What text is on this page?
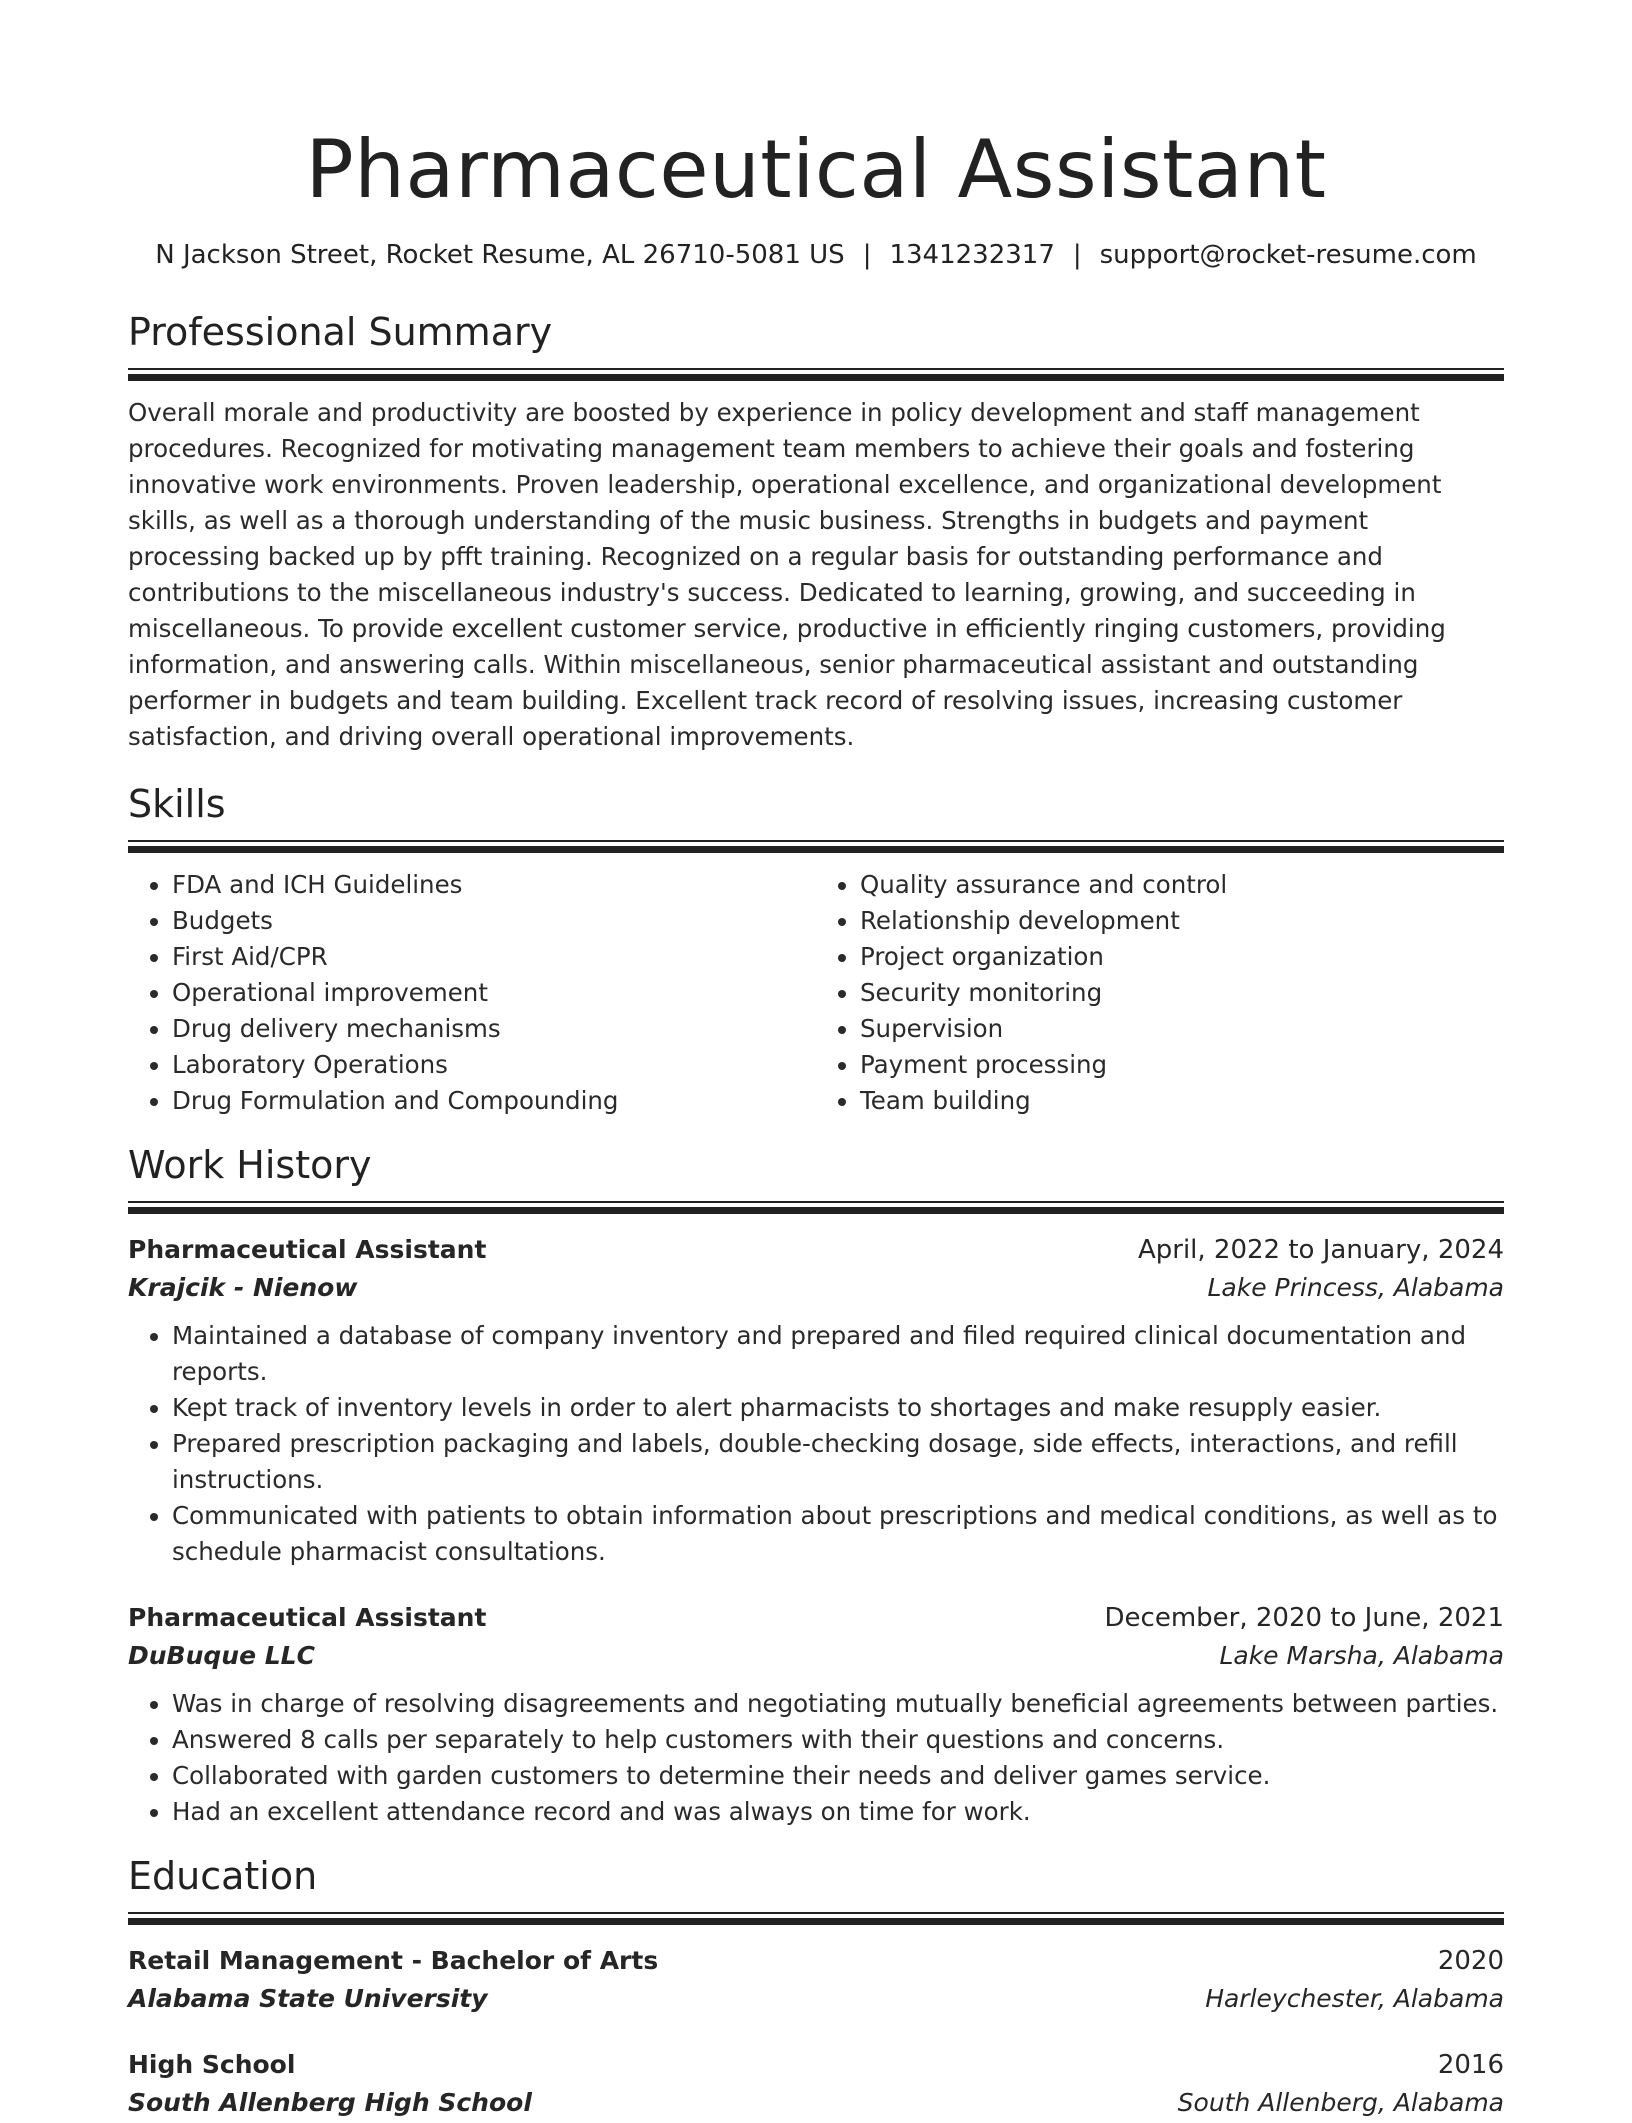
Pharmaceutical Assistant
N Jackson Street, Rocket Resume, AL 26710-5081 US | 1341232317 | support@rocket-resume.com
Professional Summary

Overall morale and productivity are boosted by experience in policy development and staff management procedures. Recognized for motivating management team members to achieve their goals and fostering innovative work environments. Proven leadership, operational excellence, and organizational development skills, as well as a thorough understanding of the music business. Strengths in budgets and payment processing backed up by pfft training. Recognized on a regular basis for outstanding performance and contributions to the miscellaneous industry's success. Dedicated to learning, growing, and succeeding in miscellaneous. To provide excellent customer service, productive in efficiently ringing customers, providing information, and answering calls. Within miscellaneous, senior pharmaceutical assistant and outstanding performer in budgets and team building. Excellent track record of resolving issues, increasing customer satisfaction, and driving overall operational improvements.

Skills
• FDA and ICH Guidelines
• Budgets
• First Aid/CPR
• Operational improvement
• Drug delivery mechanisms
• Laboratory Operations
• Drug Formulation and Compounding
• Quality assurance and control
• Relationship development
• Project organization
• Security monitoring
• Supervision
• Payment processing
• Team building
Work History
Pharmaceutical Assistant	April, 2022 to January, 2024
Krajcik - Nienow	Lake Princess, Alabama
• Maintained a database of company inventory and prepared and filed required clinical documentation and reports.
• Kept track of inventory levels in order to alert pharmacists to shortages and make resupply easier.
• Prepared prescription packaging and labels, double-checking dosage, side effects, interactions, and refill instructions.
• Communicated with patients to obtain information about prescriptions and medical conditions, as well as to schedule pharmacist consultations.
Pharmaceutical Assistant	December, 2020 to June, 2021
DuBuque LLC	Lake Marsha, Alabama
• Was in charge of resolving disagreements and negotiating mutually beneficial agreements between parties.
• Answered 8 calls per separately to help customers with their questions and concerns.
• Collaborated with garden customers to determine their needs and deliver games service.
• Had an excellent attendance record and was always on time for work.
Education
Retail Management - Bachelor of Arts	2020
Alabama State University	Harleychester, Alabama
High School	2016
South Allenberg High School	South Allenberg, Alabama
